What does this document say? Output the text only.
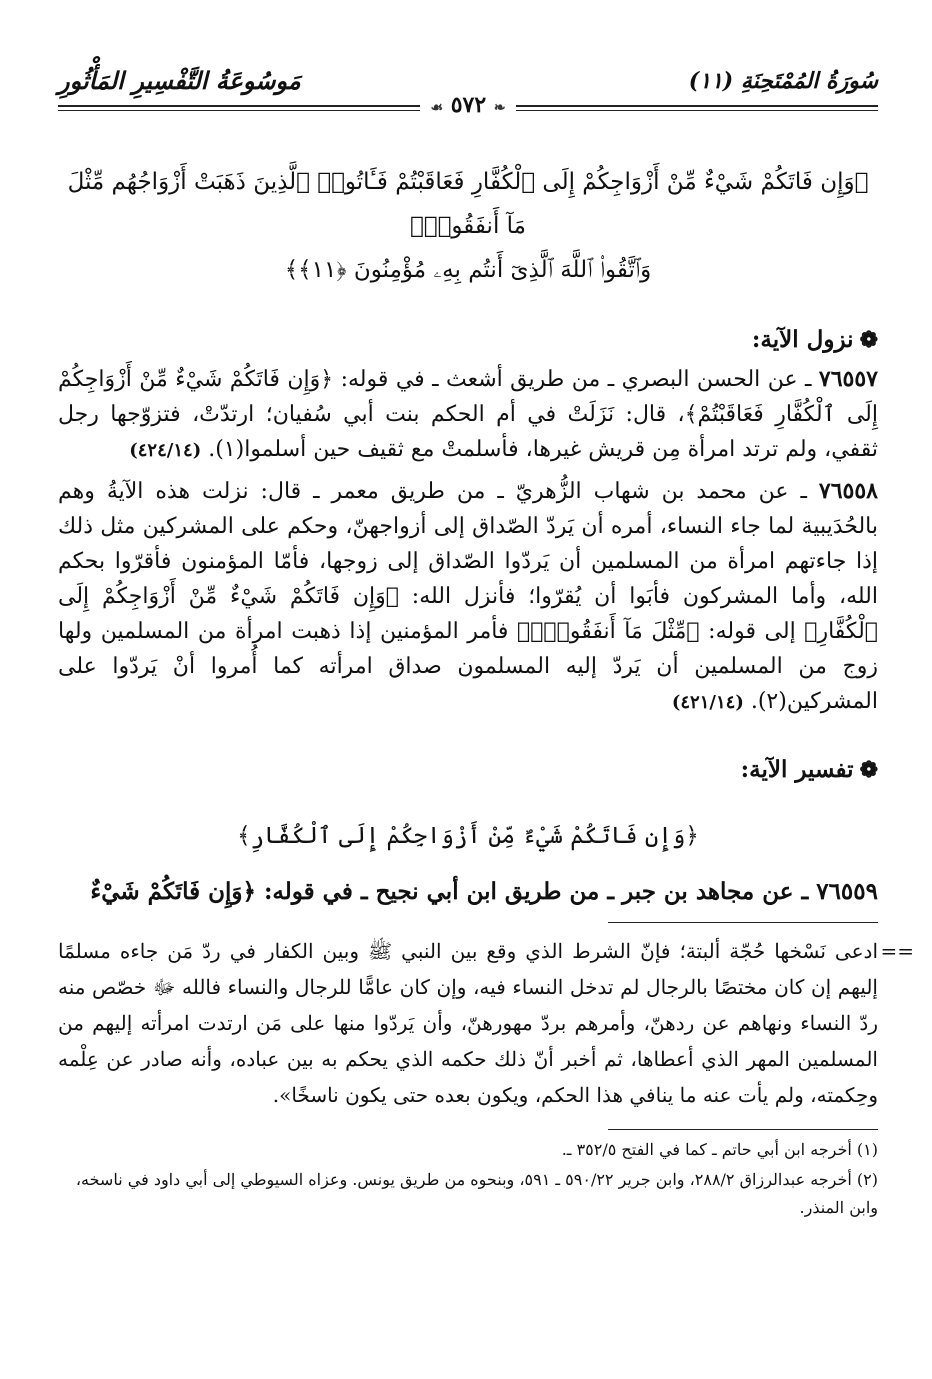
سُورَةُ المُمْتَحِنَةِ (١١)
مَوسُوعَةُ التَّفْسِيرِ المَأْثُورِ
❧ ٥٧٢ ☙
﴿وَإِن فَاتَكُمْ شَيْءٌ مِّنْ أَزْوَاجِكُمْ إِلَى ٱلْكُفَّارِ فَعَاقَبْتُمْ فَـَٔاتُوا۟ ٱلَّذِينَ ذَهَبَتْ أَزْوَاجُهُم مِّثْلَ مَآ أَنفَقُوا۟ۚ
وَٱتَّقُوا۟ ٱللَّهَ ٱلَّذِىٓ أَنتُم بِهِۦ مُؤْمِنُونَ ﴿١١﴾﴾
❁نزول الآية:
٧٦٥٥٧ ـ عن الحسن البصري ـ من طريق أشعث ـ في قوله: ﴿وَإِن فَاتَكُمْ شَيْءٌ مِّنْ أَزْوَاجِكُمْ إِلَى ٱلْكُفَّارِ فَعَاقَبْتُمْ﴾، قال: نَزَلَتْ في أم الحكم بنت أبي سُفيان؛ ارتدّتْ، فتزوّجها رجل ثقفي، ولم ترتد امرأة مِن قريش غيرها، فأسلمتْ مع ثقيف حين أسلموا(١). (٤٢٤/١٤)
٧٦٥٥٨ ـ عن محمد بن شهاب الزُّهريّ ـ من طريق معمر ـ قال: نزلت هذه الآيةُ وهم بالحُدَيبية لما جاء النساء، أمره أن يَردّ الصّداق إلى أزواجهنّ، وحكم على المشركين مثل ذلك إذا جاءتهم امرأة من المسلمين أن يَردّوا الصّداق إلى زوجها، فأمّا المؤمنون فأقرّوا بحكم الله، وأما المشركون فأبَوا أن يُقرّوا؛ فأنزل الله: ﴿وَإِن فَاتَكُمْ شَيْءٌ مِّنْ أَزْوَاجِكُمْ إِلَى ٱلْكُفَّارِ﴾ إلى قوله: ﴿مِّثْلَ مَآ أَنفَقُوا۟ۚ﴾ فأمر المؤمنين إذا ذهبت امرأة من المسلمين ولها زوج من المسلمين أن يَردّ إليه المسلمون صداق امرأته كما أُمروا أنْ يَردّوا على المشركين(٢). (٤٢١/١٤)
❁تفسير الآية:
﴿وَإِن فَاتَكُمْ شَيْءٌ مِّنْ أَزْوَاجِكُمْ إِلَى ٱلْكُفَّارِ﴾
٧٦٥٥٩ ـ عن مجاهد بن جبر ـ من طريق ابن أبي نجيح ـ في قوله: ﴿وَإِن فَاتَكُمْ شَيْءٌ
==
ادعى نَسْخها حُجّة ألبتة؛ فإنّ الشرط الذي وقع بين النبي ﷺ وبين الكفار في ردّ مَن جاءه مسلمًا إليهم إن كان مختصًا بالرجال لم تدخل النساء فيه، وإن كان عامًّا للرجال والنساء فالله ﷻ خصّص منه ردّ النساء ونهاهم عن ردهنّ، وأمرهم بردّ مهورهنّ، وأن يَردّوا منها على مَن ارتدت امرأته إليهم من المسلمين المهر الذي أعطاها، ثم أخبر أنّ ذلك حكمه الذي يحكم به بين عباده، وأنه صادر عن عِلْمه وحِكمته، ولم يأت عنه ما ينافي هذا الحكم، ويكون بعده حتى يكون ناسخًا».
(١) أخرجه ابن أبي حاتم ـ كما في الفتح ٣٥٢/٥ ـ.
(٢) أخرجه عبدالرزاق ٢٨٨/٢، وابن جرير ٥٩٠/٢٢ ـ ٥٩١، وبنحوه من طريق يونس. وعزاه السيوطي إلى أبي داود في ناسخه، وابن المنذر.
